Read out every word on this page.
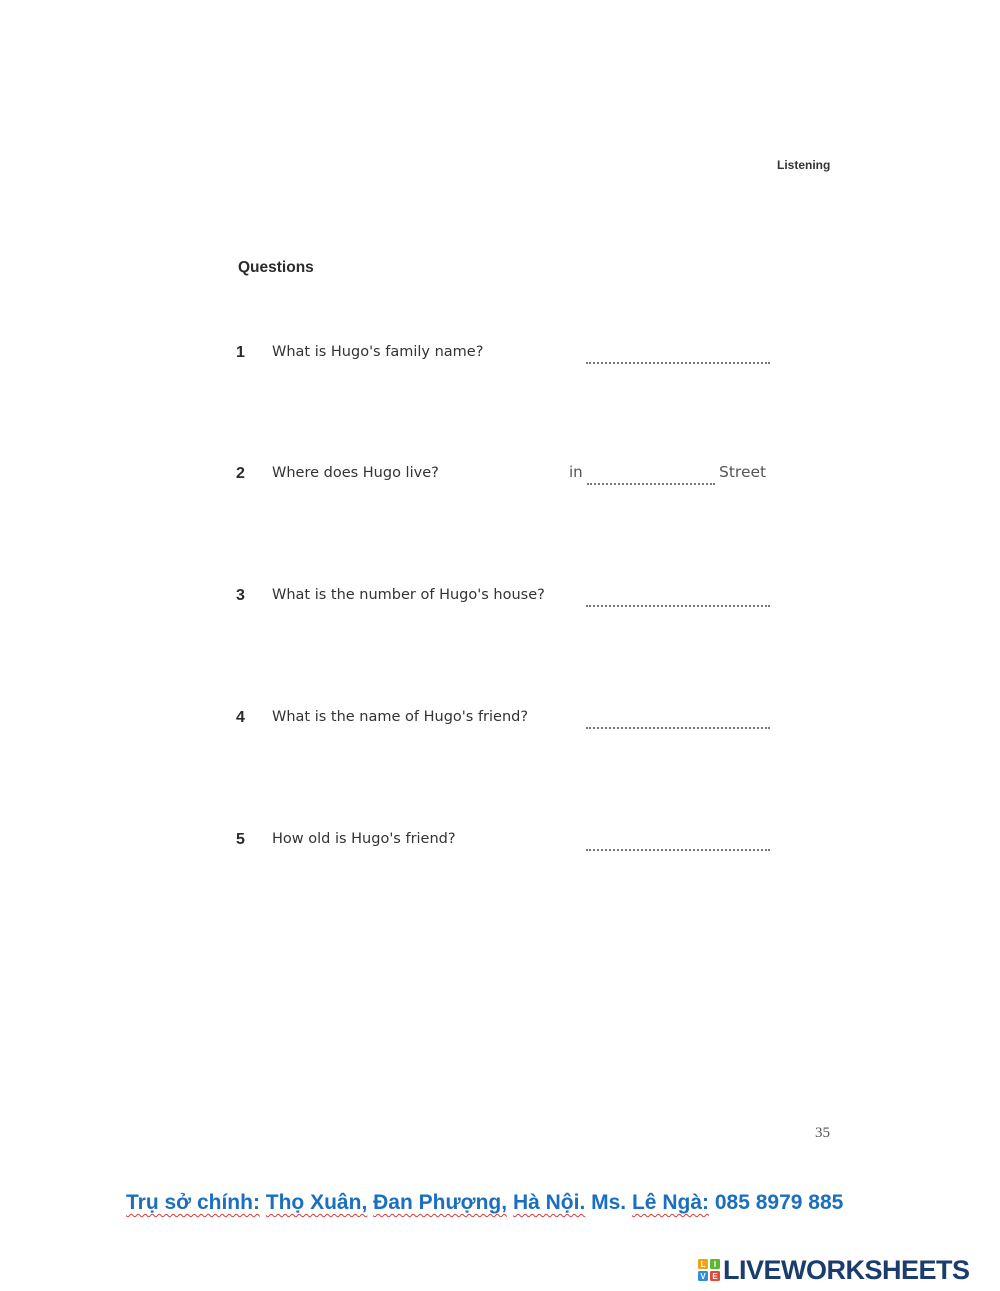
Listening
Questions
1 What is Hugo's family name?
2 Where does Hugo live?	in	Street
3 What is the number of Hugo's house?
4 What is the name of Hugo's friend?
5 How old is Hugo's friend?
35
Trụ sở chính: Thọ Xuân, Đan Phượng, Hà Nội. Ms. Lê Ngà: 085 8979 885
L I
V E LIVEWORKSHEETS
